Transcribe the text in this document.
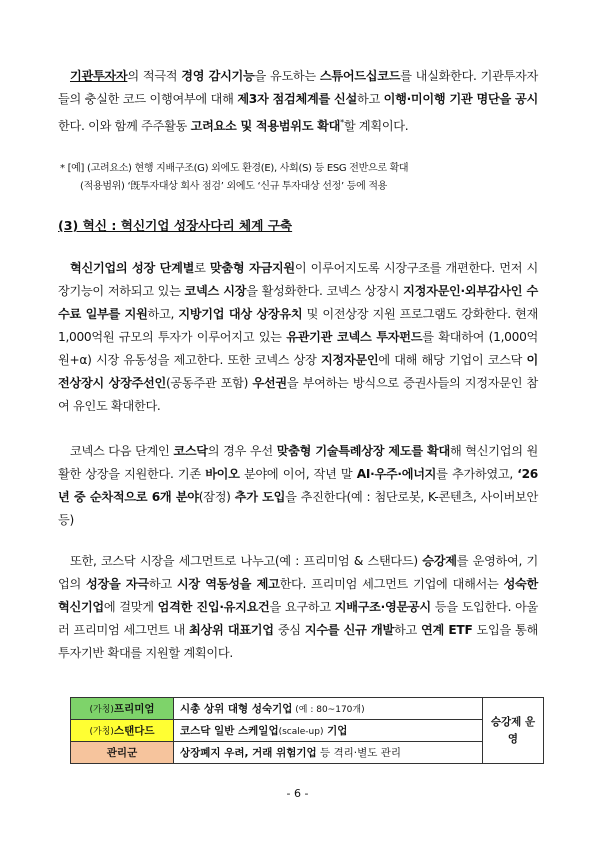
기관투자자의 적극적 경영 감시기능을 유도하는 스튜어드십코드를 내실화한다. 기관투자자들의 충실한 코드 이행여부에 대해 제3자 점검체계를 신설하고 이행·미이행 기관 명단을 공시한다. 이와 함께 주주활동 고려요소 및 적용범위도 확대*할 계획이다.
* [예] (고려요소) 현행 지배구조(G) 외에도 환경(E), 사회(S) 등 ESG 전반으로 확대
(적용범위) ‘旣투자대상 회사 점검’ 외에도 ‘신규 투자대상 선정’ 등에 적용
(3) 혁신 : 혁신기업 성장사다리 체계 구축
혁신기업의 성장 단계별로 맞춤형 자금지원이 이루어지도록 시장구조를 개편한다. 먼저 시장기능이 저하되고 있는 코넥스 시장을 활성화한다. 코넥스 상장시 지정자문인·외부감사인 수수료 일부를 지원하고, 지방기업 대상 상장유치 및 이전상장 지원 프로그램도 강화한다. 현재 1,000억원 규모의 투자가 이루어지고 있는 유관기관 코넥스 투자펀드를 확대하여 (1,000억원+α) 시장 유동성을 제고한다. 또한 코넥스 상장 지정자문인에 대해 해당 기업이 코스닥 이전상장시 상장주선인(공동주관 포함) 우선권을 부여하는 방식으로 증권사들의 지정자문인 참여 유인도 확대한다.
코넥스 다음 단계인 코스닥의 경우 우선 맞춤형 기술특례상장 제도를 확대해 혁신기업의 원활한 상장을 지원한다. 기존 바이오 분야에 이어, 작년 말 AI·우주·에너지를 추가하였고, ‘26년 중 순차적으로 6개 분야(잠정) 추가 도입을 추진한다(예 : 첨단로봇, K-콘텐츠, 사이버보안 등)
또한, 코스닥 시장을 세그먼트로 나누고(예 : 프리미엄 & 스탠다드) 승강제를 운영하여, 기업의 성장을 자극하고 시장 역동성을 제고한다. 프리미엄 세그먼트 기업에 대해서는 성숙한 혁신기업에 걸맞게 엄격한 진입·유지요건을 요구하고 지배구조·영문공시 등을 도입한다. 아울러 프리미엄 세그먼트 내 최상위 대표기업 중심 지수를 신규 개발하고 연계 ETF 도입을 통해 투자기반 확대를 지원할 계획이다.
(가칭)프리미엄	시총 상위 대형 성숙기업 (예 : 80~170개)	승강제 운영
(가칭)스탠다드	코스닥 일반 스케일업(scale-up) 기업	
관리군	상장폐지 우려, 거래 위험기업 등 격리·별도 관리	
- 6 -
